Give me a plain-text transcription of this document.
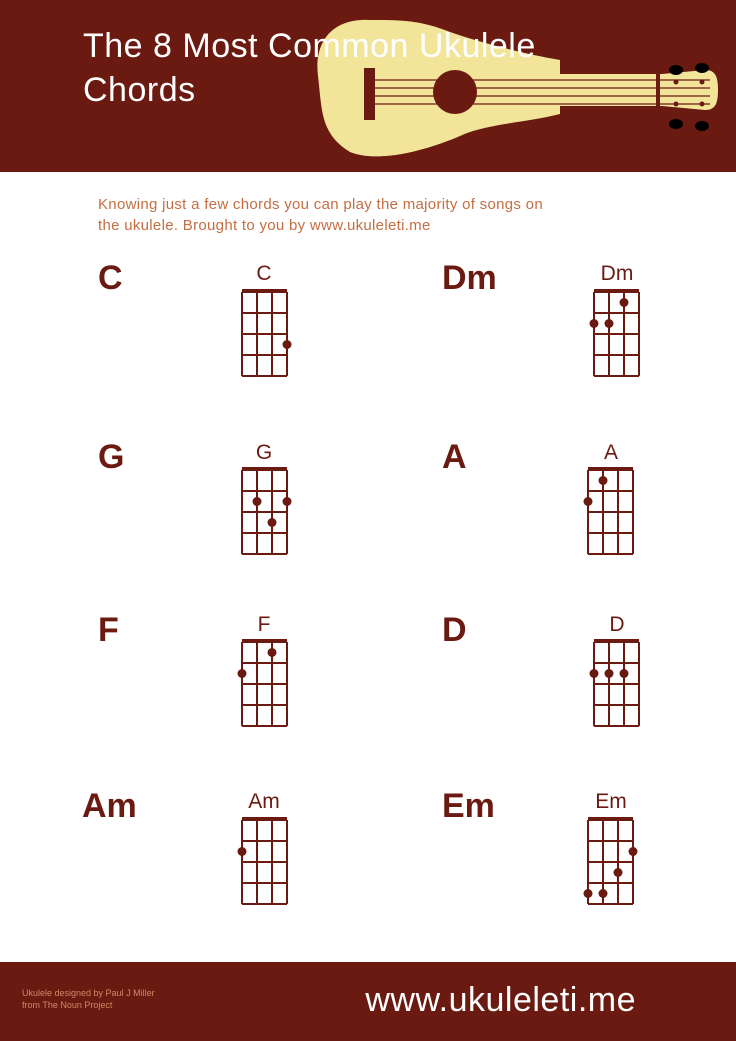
The 8 Most Common Ukulele
Chords

Knowing just a few chords you can play the majority of songs on
the ukulele. Brought to you by www.ukuleleti.me

C	C	Dm	Dm
G	G	A	A
F	F	D	D
Am	Am	Em	Em

Ukulele designed by Paul J Miller
from The Noun Project	www.ukuleleti.me
